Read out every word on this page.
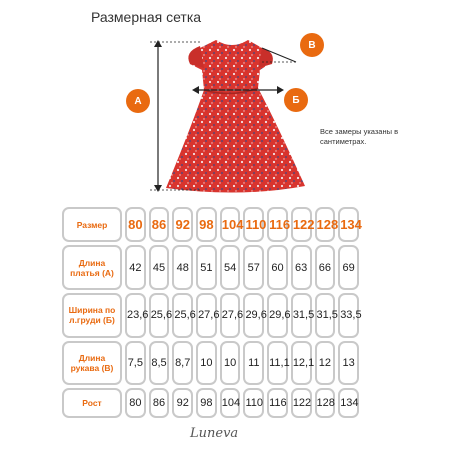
Размерная сетка
А
В
Б
Все замеры указаны в сантиметрах.
Размер	80	86	92	98	104	110	116	122	128	134
Длина платья (А)	42	45	48	51	54	57	60	63	66	69
Ширина по л.груди (Б)	23,6	25,6	25,6	27,6	27,6	29,6	29,6	31,5	31,5	33,5
Длина рукава (В)	7,5	8,5	8,7	10	10	11	11,1	12,1	12	13
Рост	80	86	92	98	104	110	116	122	128	134
Luneva
